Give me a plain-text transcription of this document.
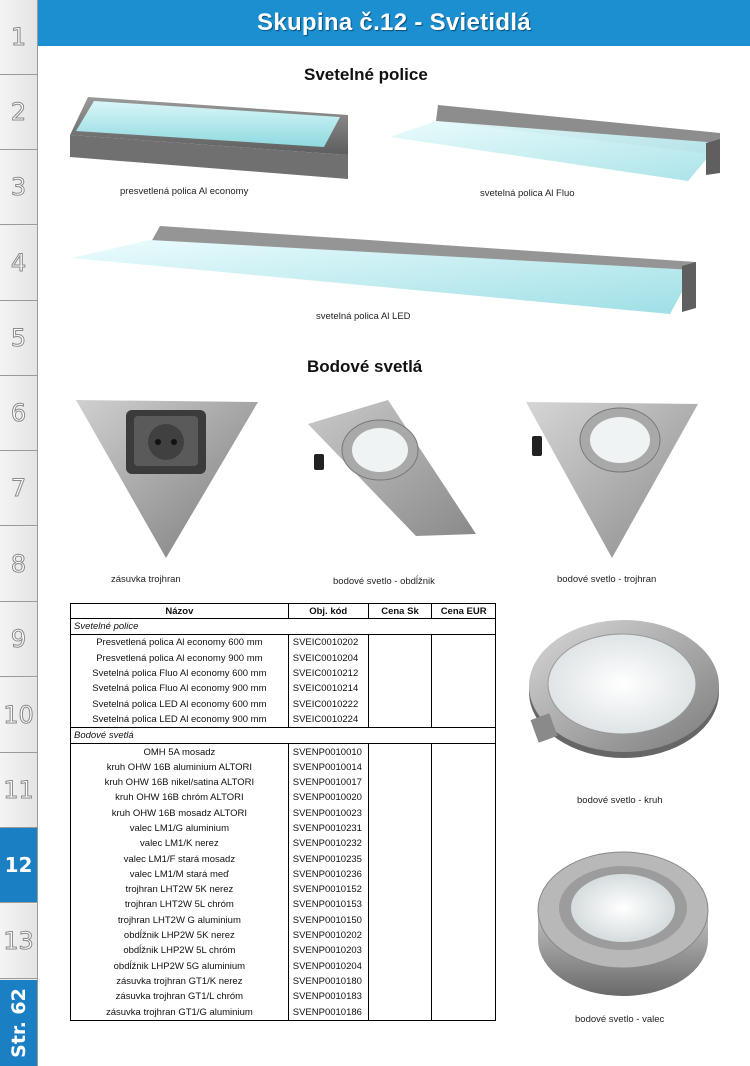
1
2
3
4
5
6
7
8
9
10
11
12
13
Str. 62
Skupina č.12 - Svietidlá
Svetelné police
presvetlená polica Al economy	svetelná polica Al Fluo
svetelná polica Al LED
Bodové svetlá
zásuvka trojhran	bodové svetlo - obdĺžnik	bodové svetlo - trojhran
bodové svetlo - kruh
bodové svetlo - valec
Názov	Obj. kód	Cena Sk	Cena EUR
Svetelné police			
Presvetlená polica Al economy 600 mm	SVEIC0010202		
Presvetlená polica Al economy 900 mm	SVEIC0010204		
Svetelná polica Fluo Al economy 600 mm	SVEIC0010212		
Svetelná polica Fluo Al economy 900 mm	SVEIC0010214		
Svetelná polica LED Al economy 600 mm	SVEIC0010222		
Svetelná polica LED Al economy 900 mm	SVEIC0010224		
Bodové svetlá			
OMH 5A mosadz	SVENP0010010		
kruh OHW 16B aluminium ALTORI	SVENP0010014		
kruh OHW 16B nikel/satina ALTORI	SVENP0010017		
kruh OHW 16B chróm ALTORI	SVENP0010020		
kruh OHW 16B mosadz ALTORI	SVENP0010023		
valec LM1/G aluminium	SVENP0010231		
valec LM1/K nerez	SVENP0010232		
valec LM1/F stará mosadz	SVENP0010235		
valec LM1/M stará meď	SVENP0010236		
trojhran LHT2W 5K nerez	SVENP0010152		
trojhran LHT2W 5L chróm	SVENP0010153		
trojhran LHT2W G aluminium	SVENP0010150		
obdĺžnik LHP2W 5K nerez	SVENP0010202		
obdĺžnik LHP2W 5L chróm	SVENP0010203		
obdĺžnik LHP2W 5G aluminium	SVENP0010204		
zásuvka trojhran GT1/K nerez	SVENP0010180		
zásuvka trojhran GT1/L chróm	SVENP0010183		
zásuvka trojhran GT1/G aluminium	SVENP0010186		
